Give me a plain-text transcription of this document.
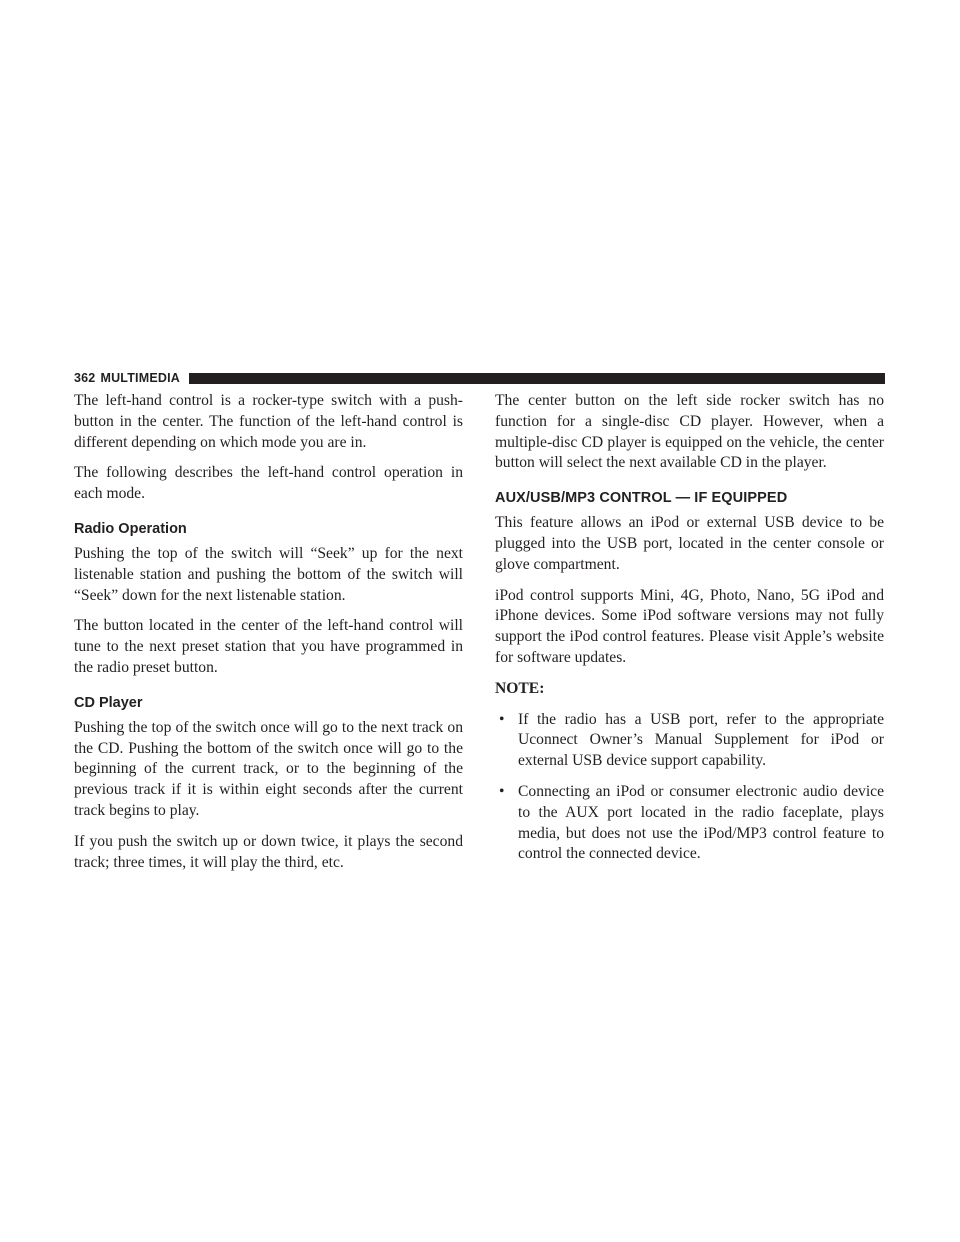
362 MULTIMEDIA

The left-hand control is a rocker-type switch with a push-button in the center. The function of the left-hand control is different depending on which mode you are in.

The following describes the left-hand control operation in each mode.

Radio Operation

Pushing the top of the switch will “Seek” up for the next listenable station and pushing the bottom of the switch will “Seek” down for the next listenable station.

The button located in the center of the left-hand control will tune to the next preset station that you have programmed in the radio preset button.

CD Player

Pushing the top of the switch once will go to the next track on the CD. Pushing the bottom of the switch once will go to the beginning of the current track, or to the beginning of the previous track if it is within eight seconds after the current track begins to play.

If you push the switch up or down twice, it plays the second track; three times, it will play the third, etc.

The center button on the left side rocker switch has no function for a single-disc CD player. However, when a multiple-disc CD player is equipped on the vehicle, the center button will select the next available CD in the player.

AUX/USB/MP3 CONTROL — IF EQUIPPED

This feature allows an iPod or external USB device to be plugged into the USB port, located in the center console or glove compartment.

iPod control supports Mini, 4G, Photo, Nano, 5G iPod and iPhone devices. Some iPod software versions may not fully support the iPod control features. Please visit Apple’s website for software updates.

NOTE:

• If the radio has a USB port, refer to the appropriate Uconnect Owner’s Manual Supplement for iPod or external USB device support capability.
• Connecting an iPod or consumer electronic audio device to the AUX port located in the radio faceplate, plays media, but does not use the iPod/MP3 control feature to control the connected device.
